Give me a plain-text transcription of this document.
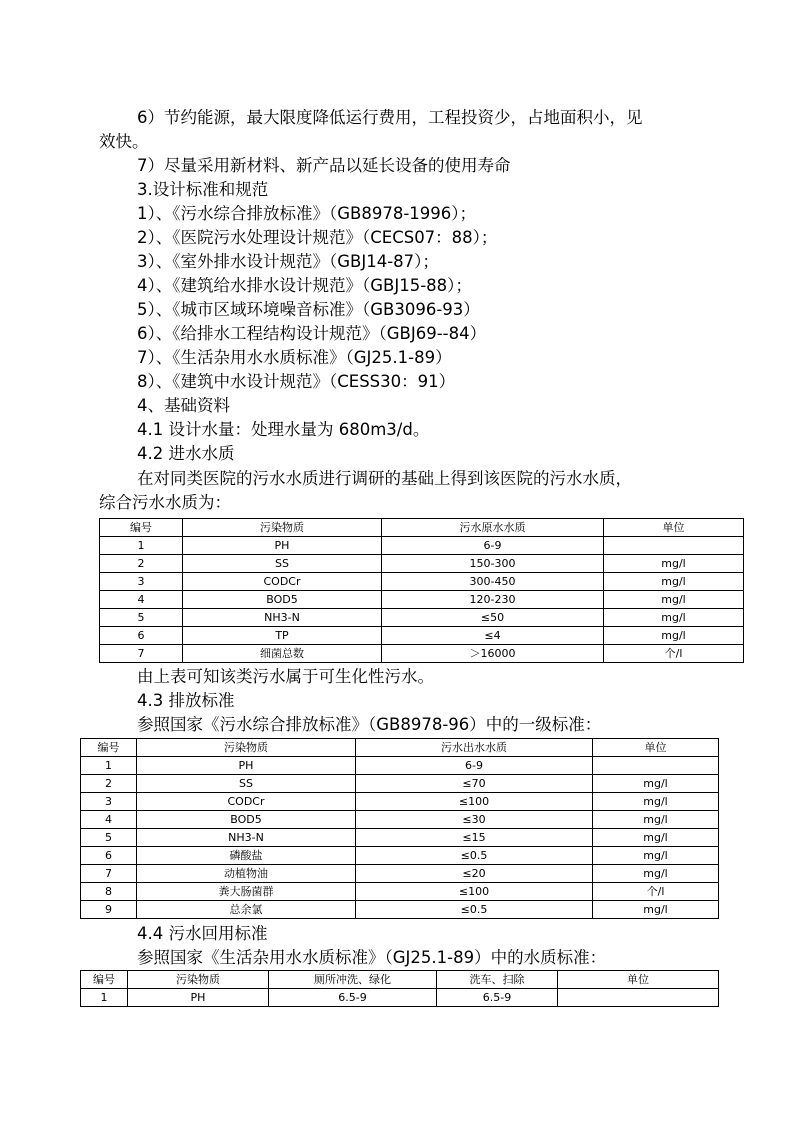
6）节约能源，最大限度降低运行费用，工程投资少，占地面积小，见

效快。

7）尽量采用新材料、新产品以延长设备的使用寿命

3.设计标准和规范

1）、《污水综合排放标准》（GB8978-1996）；

2）、《医院污水处理设计规范》（CECS07：88）；

3）、《室外排水设计规范》（GBJ14-87）；

4）、《建筑给水排水设计规范》（GBJ15-88）；

5）、《城市区域环境噪音标准》（GB3096-93）

6）、《给排水工程结构设计规范》（GBJ69--84）

7）、《生活杂用水水质标准》（GJ25.1-89）

8）、《建筑中水设计规范》（CESS30：91）

4、基础资料

4.1 设计水量：处理水量为 680m3/d。

4.2 进水水质

在对同类医院的污水水质进行调研的基础上得到该医院的污水水质，

综合污水水质为：

编号	污染物质	污水原水水质	单位
1	PH	6-9	
2	SS	150-300	mg/l
3	CODCr	300-450	mg/l
4	BOD5	120-230	mg/l
5	NH3-N	≤50	mg/l
6	TP	≤4	mg/l
7	细菌总数	＞16000	个/l

由上表可知该类污水属于可生化性污水。

4.3 排放标准

参照国家《污水综合排放标准》（GB8978-96）中的一级标准：

编号	污染物质	污水出水水质	单位
1	PH	6-9	
2	SS	≤70	mg/l
3	CODCr	≤100	mg/l
4	BOD5	≤30	mg/l
5	NH3-N	≤15	mg/l
6	磷酸盐	≤0.5	mg/l
7	动植物油	≤20	mg/l
8	粪大肠菌群	≤100	个/l
9	总余氯	≤0.5	mg/l

4.4 污水回用标准

参照国家《生活杂用水水质标准》（GJ25.1-89）中的水质标准：

编号	污染物质	厕所冲洗、绿化	洗车、扫除	单位
1	PH	6.5-9	6.5-9	
